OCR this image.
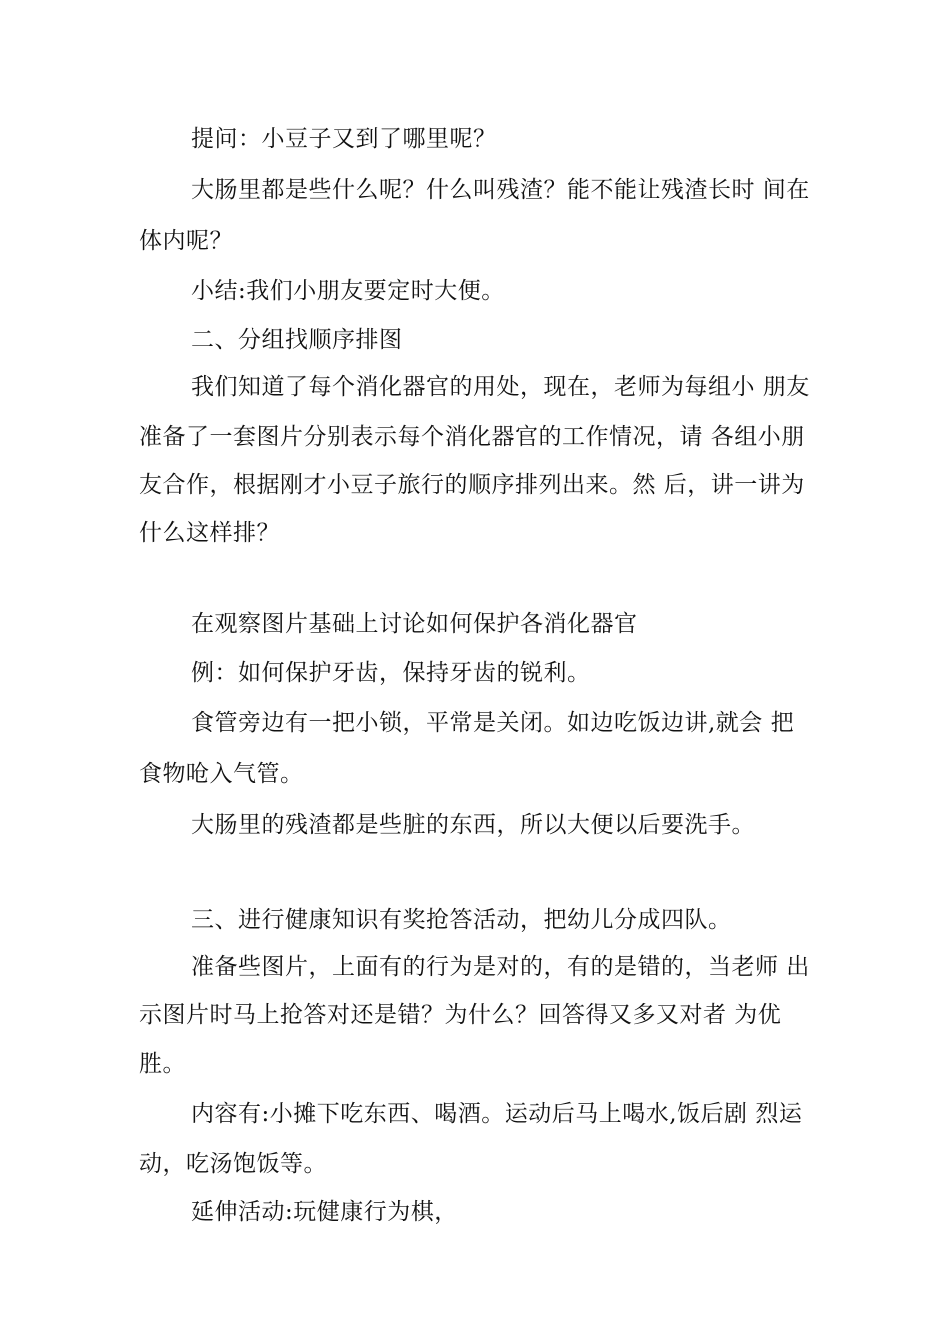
提问：小豆子又到了哪里呢？
大肠里都是些什么呢？什么叫残渣？能不能让残渣长时 间在
体内呢？
小结:我们小朋友要定时大便。
二、分组找顺序排图
我们知道了每个消化器官的用处，现在，老师为每组小 朋友
准备了一套图片分别表示每个消化器官的工作情况，请 各组小朋
友合作，根据刚才小豆子旅行的顺序排列出来。然 后，讲一讲为
什么这样排？
在观察图片基础上讨论如何保护各消化器官
例：如何保护牙齿，保持牙齿的锐利。
食管旁边有一把小锁，平常是关闭。如边吃饭边讲,就会 把
食物呛入气管。
大肠里的残渣都是些脏的东西，所以大便以后要洗手。
三、进行健康知识有奖抢答活动，把幼儿分成四队。
准备些图片，上面有的行为是对的，有的是错的，当老师 出
示图片时马上抢答对还是错？为什么？回答得又多又对者 为优
胜。
内容有:小摊下吃东西、喝酒。运动后马上喝水,饭后剧 烈运
动，吃汤饱饭等。
延伸活动:玩健康行为棋，
